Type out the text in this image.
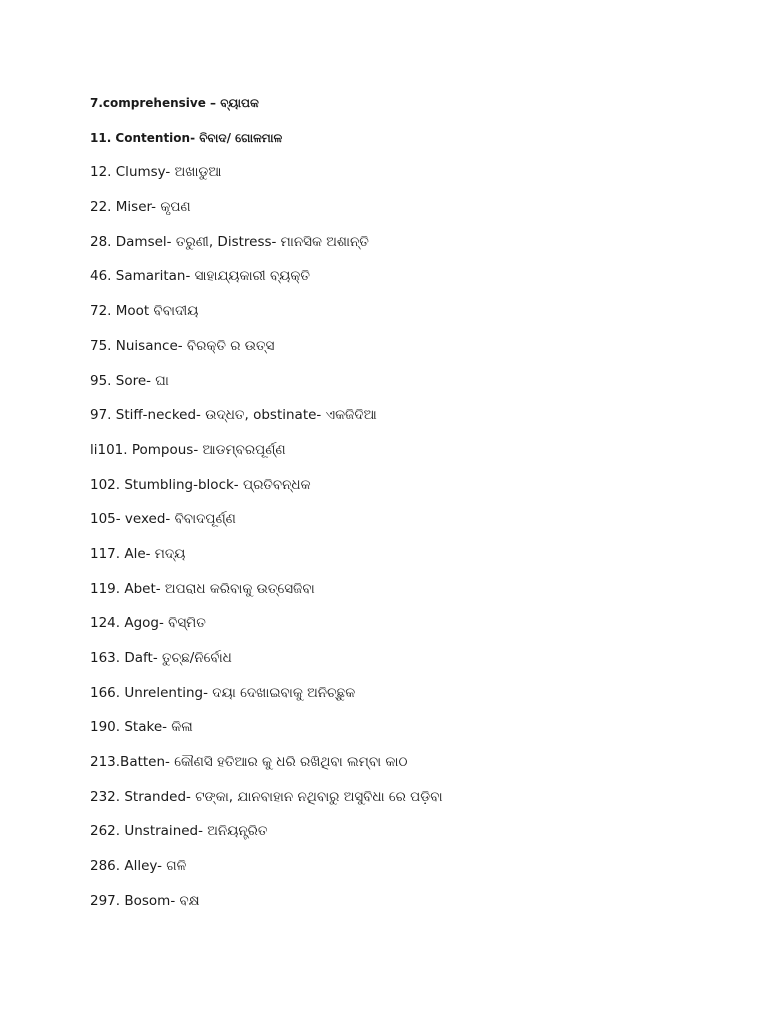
7.comprehensive – ବ୍ୟାପକ
11. Contention- ବିବାଦ/ ଗୋଳମାଳ
12. Clumsy- ଅଖାଡୁଆ
22. Miser- କୃପଣ
28. Damsel- ତରୁଣୀ, Distress- ମାନସିକ ଅଶାନ୍ତି
46. Samaritan- ସାହାଯ୍ୟକାରୀ ବ୍ୟକ୍ତି
72. Moot ବିବାଦୀୟ
75. Nuisance- ବିରକ୍ତି ର ଉତ୍ସ
95. Sore- ଘା
97. Stiff-necked- ଉଦ୍ଧତ, obstinate- ଏକଜିଦିଆ
li101. Pompous- ଆଡମ୍ବରପୂର୍ଣ୍ଣ
102. Stumbling-block- ପ୍ରତିବନ୍ଧକ
105- vexed- ବିବାଦପୂର୍ଣ୍ଣ
117. Ale- ମଦ୍ୟ
119. Abet- ଅପରାଧ କରିବାକୁ ଉତ୍ସେଜିବା
124. Agog- ବିସ୍ମିତ
163. Daft- ତୁଚ୍ଛ/ନିର୍ବୋଧ
166. Unrelenting- ଦୟା ଦେଖାଇବାକୁ ଅନିଚ୍ଛୁକ
190. Stake- କିଳା
213.Batten- କୌଣସି ହତିଆର କୁ ଧରି ରଖିଥିବା ଲମ୍ବା କାଠ
232. Stranded- ଟଙ୍କା, ଯାନବାହାନ ନଥିବାରୁ ଅସୁବିଧା ରେ ପଡ଼ିବା
262. Unstrained- ଅନିୟନ୍ତ୍ରିତ
286. Alley- ଗଳି
297. Bosom- ବକ୍ଷ
